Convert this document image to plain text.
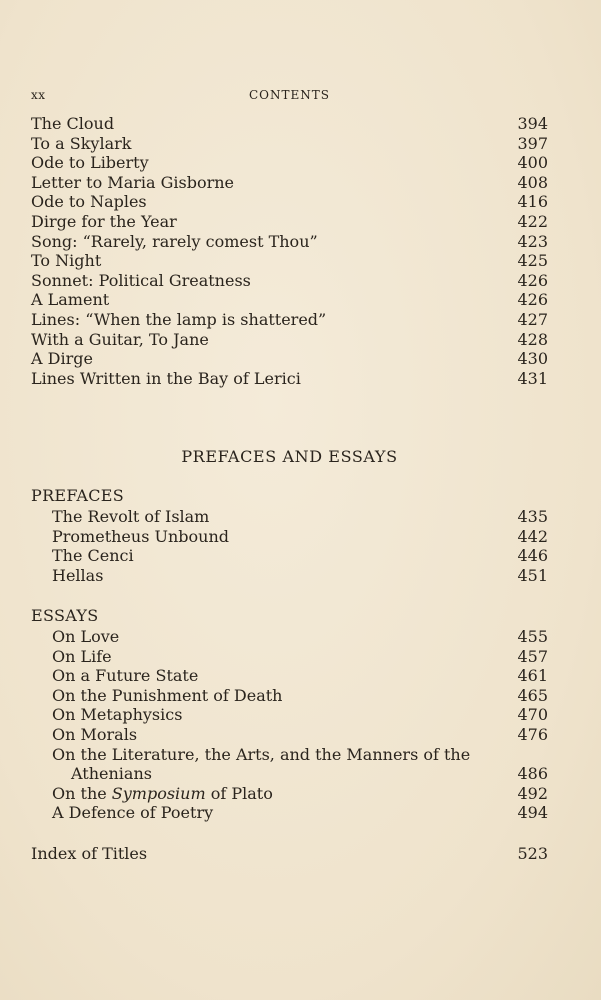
xx	CONTENTS
The Cloud	394
To a Skylark	397
Ode to Liberty	400
Letter to Maria Gisborne	408
Ode to Naples	416
Dirge for the Year	422
Song: “Rarely, rarely comest Thou”	423
To Night	425
Sonnet: Political Greatness	426
A Lament	426
Lines: “When the lamp is shattered”	427
With a Guitar, To Jane	428
A Dirge	430
Lines Written in the Bay of Lerici	431
PREFACES AND ESSAYS
PREFACES
The Revolt of Islam	435
Prometheus Unbound	442
The Cenci	446
Hellas	451
ESSAYS
On Love	455
On Life	457
On a Future State	461
On the Punishment of Death	465
On Metaphysics	470
On Morals	476
On the Literature, the Arts, and the Manners of the
Athenians	486
On the Symposium of Plato	492
A Defence of Poetry	494
Index of Titles	523
